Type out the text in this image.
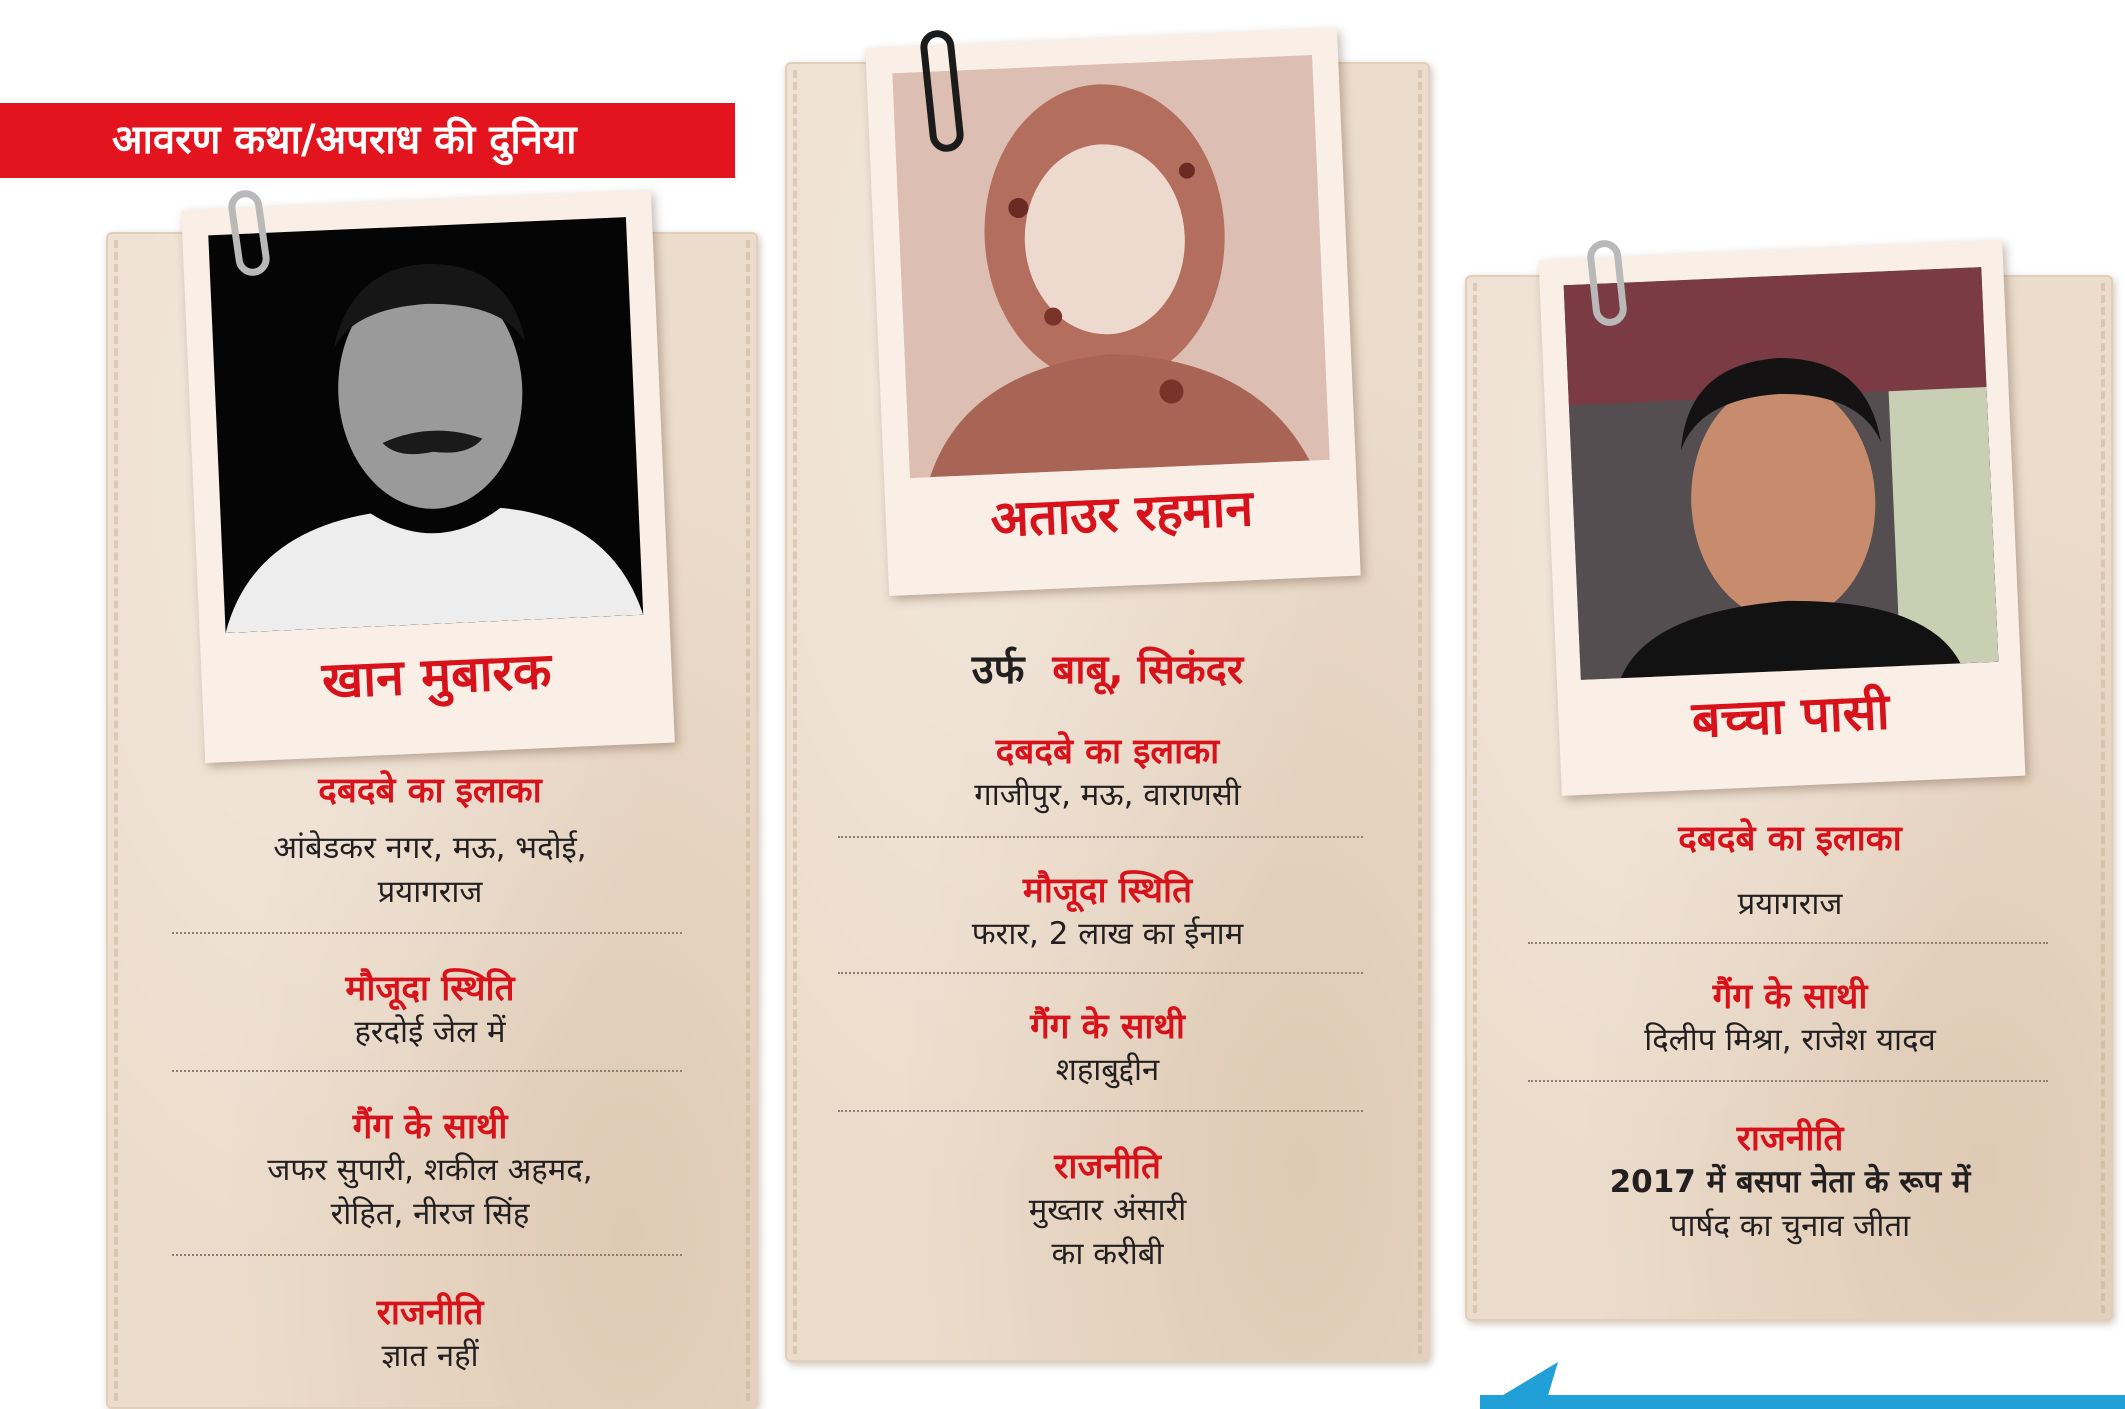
आवरण कथा/अपराध की दुनिया
खान मुबारक
दबदबे का इलाका
आंबेडकर नगर, मऊ, भदोई,
प्रयागराज
मौजूदा स्थिति
हरदोई जेल में
गैंग के साथी
जफर सुपारी, शकील अहमद,
रोहित, नीरज सिंह
राजनीति
ज्ञात नहीं
अताउर रहमान
उर्फ बाबू, सिकंदर
दबदबे का इलाका
गाजीपुर, मऊ, वाराणसी
मौजूदा स्थिति
फरार, 2 लाख का ईनाम
गैंग के साथी
शहाबुद्दीन
राजनीति
मुख्तार अंसारी
का करीबी
बच्चा पासी
दबदबे का इलाका
प्रयागराज
गैंग के साथी
दिलीप मिश्रा, राजेश यादव
राजनीति
2017 में बसपा नेता के रूप में
पार्षद का चुनाव जीता
